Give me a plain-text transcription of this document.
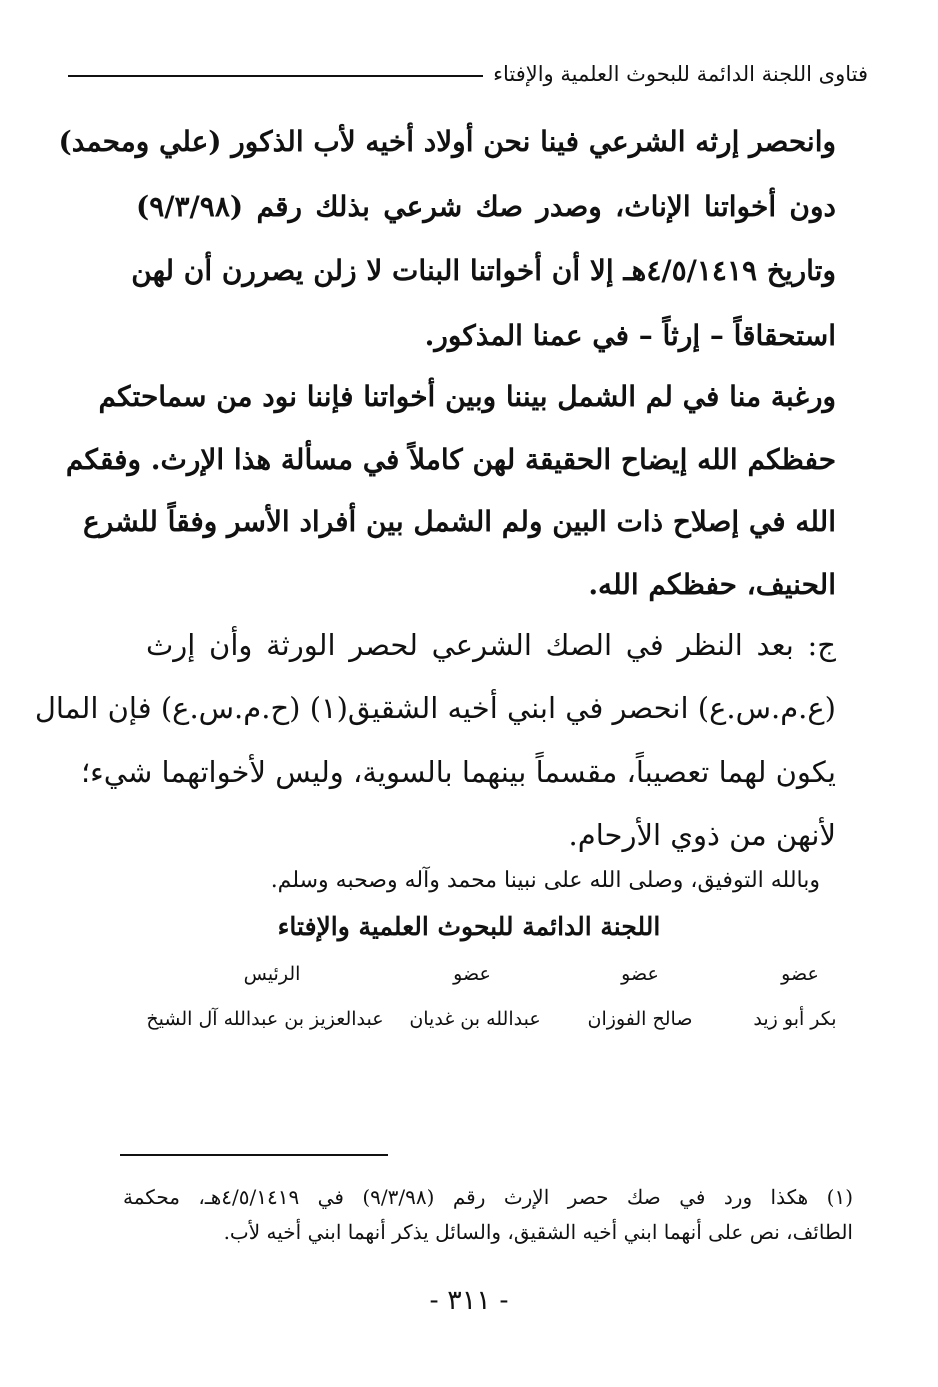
فتاوى اللجنة الدائمة للبحوث العلمية والإفتاء
وانحصر إرثه الشرعي فينا نحن أولاد أخيه لأب الذكور (علي ومحمد)
دون أخواتنا الإناث، وصدر صك شرعي بذلك رقم (٩/٣/٩٨)
وتاريخ ٤/٥/١٤١٩هـ إلا أن أخواتنا البنات لا زلن يصررن أن لهن
استحقاقاً – إرثاً – في عمنا المذكور.
ورغبة منا في لم الشمل بيننا وبين أخواتنا فإننا نود من سماحتكم
حفظكم الله إيضاح الحقيقة لهن كاملاً في مسألة هذا الإرث. وفقكم
الله في إصلاح ذات البين ولم الشمل بين أفراد الأسر وفقاً للشرع
الحنيف، حفظكم الله.
ج: بعد النظر في الصك الشرعي لحصر الورثة وأن إرث
(ع.م.س.ع) انحصر في ابني أخيه الشقيق(١) (ح.م.س.ع) فإن المال
يكون لهما تعصيباً، مقسماً بينهما بالسوية، وليس لأخواتهما شيء؛
لأنهن من ذوي الأرحام.
وبالله التوفيق، وصلى الله على نبينا محمد وآله وصحبه وسلم.
اللجنة الدائمة للبحوث العلمية والإفتاء
عضو
عضو
عضو
الرئيس
بكر أبو زيد
صالح الفوزان
عبدالله بن غديان
عبدالعزيز بن عبدالله آل الشيخ
(١) هكذا ورد في صك حصر الإرث رقم (٩/٣/٩٨) في ٤/٥/١٤١٩هـ، محكمة
الطائف، نص على أنهما ابني أخيه الشقيق، والسائل يذكر أنهما ابني أخيه لأب.
- ٣١١ -
